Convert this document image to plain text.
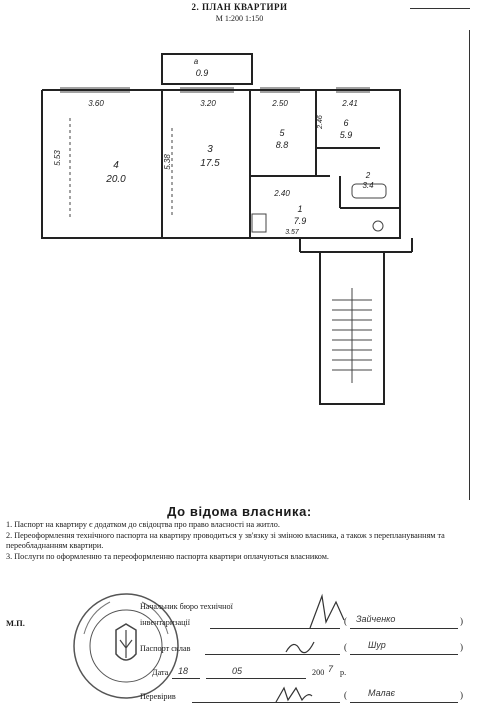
2. ПЛАН КВАРТИРИ
М 1:200 1:150
а
0.9
3.60
4
20.0
5.53
3.20
3
17.5
5.38
2.50
5
8.8
2.41
6
5.9
2.40
1
7.9
2
3.4
2.46
3.57
До відома власника:

1. Паспорт на квартиру є додатком до свідоцтва про право власності на житло.

2. Переоформлення технічного паспорта на квартиру проводиться у зв'язку зі зміною власника, а також з переплануванням та переобладнанням квартири.

3. Послуги по оформленню та переоформленню паспорта квартири оплачуються власником.

М.П.
Начальник бюро технічної
інвентаризації	( Зайченко	)
Паспорт склав	( Шур	)
Дата 18	05	200 7 р.
Перевірив	( Малає	)
